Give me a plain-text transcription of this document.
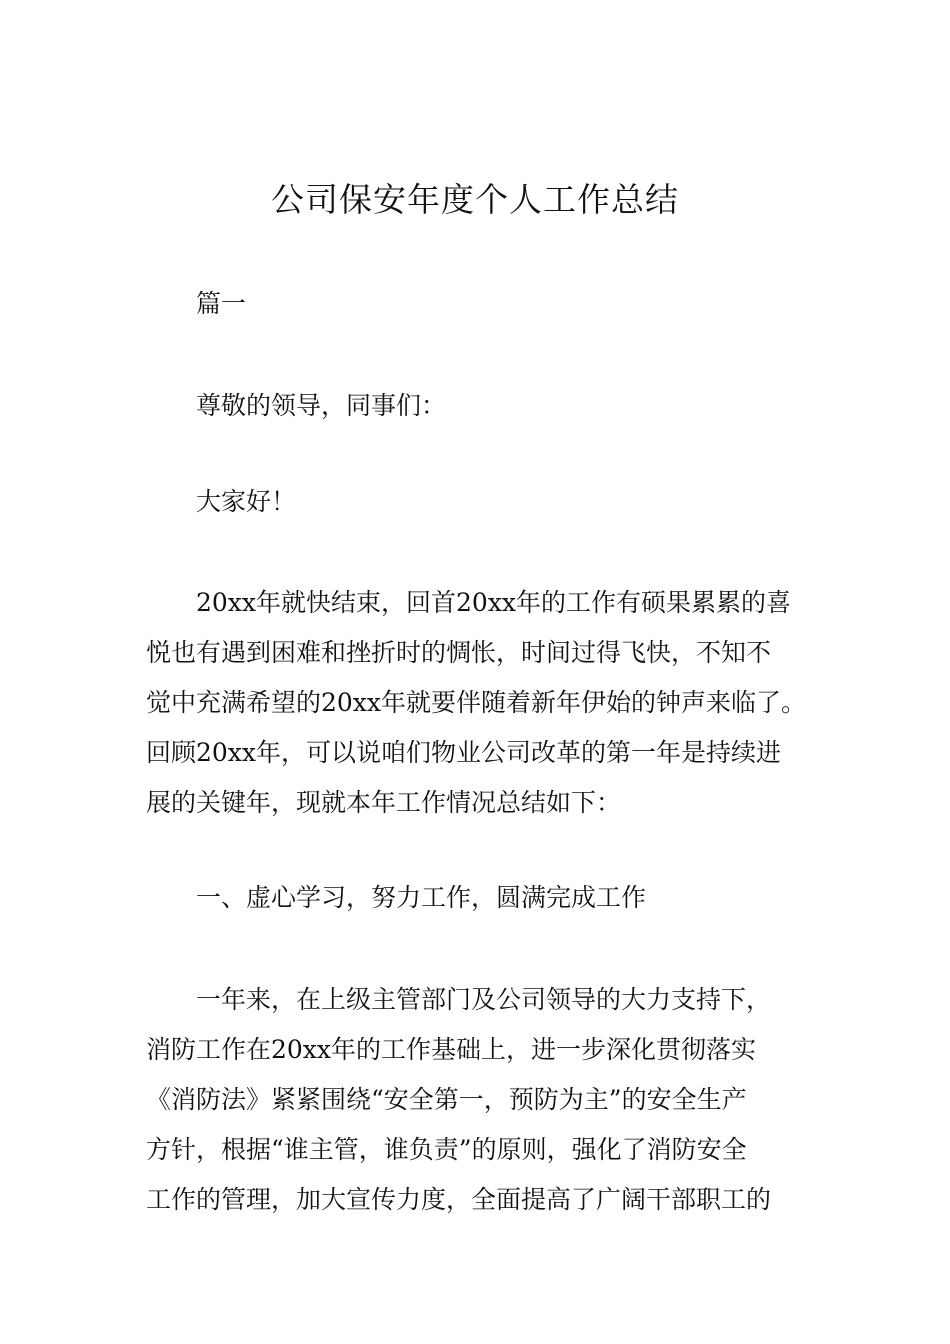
公司保安年度个人工作总结

篇一

尊敬的领导，同事们：

大家好！

20xx年就快结束，回首20xx年的工作有硕果累累的喜
悦也有遇到困难和挫折时的惆怅，时间过得飞快，不知不
觉中充满希望的20xx年就要伴随着新年伊始的钟声来临了。
回顾20xx年，可以说咱们物业公司改革的第一年是持续进
展的关键年，现就本年工作情况总结如下：

一、虚心学习，努力工作，圆满完成工作

一年来，在上级主管部门及公司领导的大力支持下，
消防工作在20xx年的工作基础上，进一步深化贯彻落实
《消防法》紧紧围绕“安全第一，预防为主”的安全生产
方针，根据“谁主管，谁负责”的原则，强化了消防安全
工作的管理，加大宣传力度，全面提高了广阔干部职工的
